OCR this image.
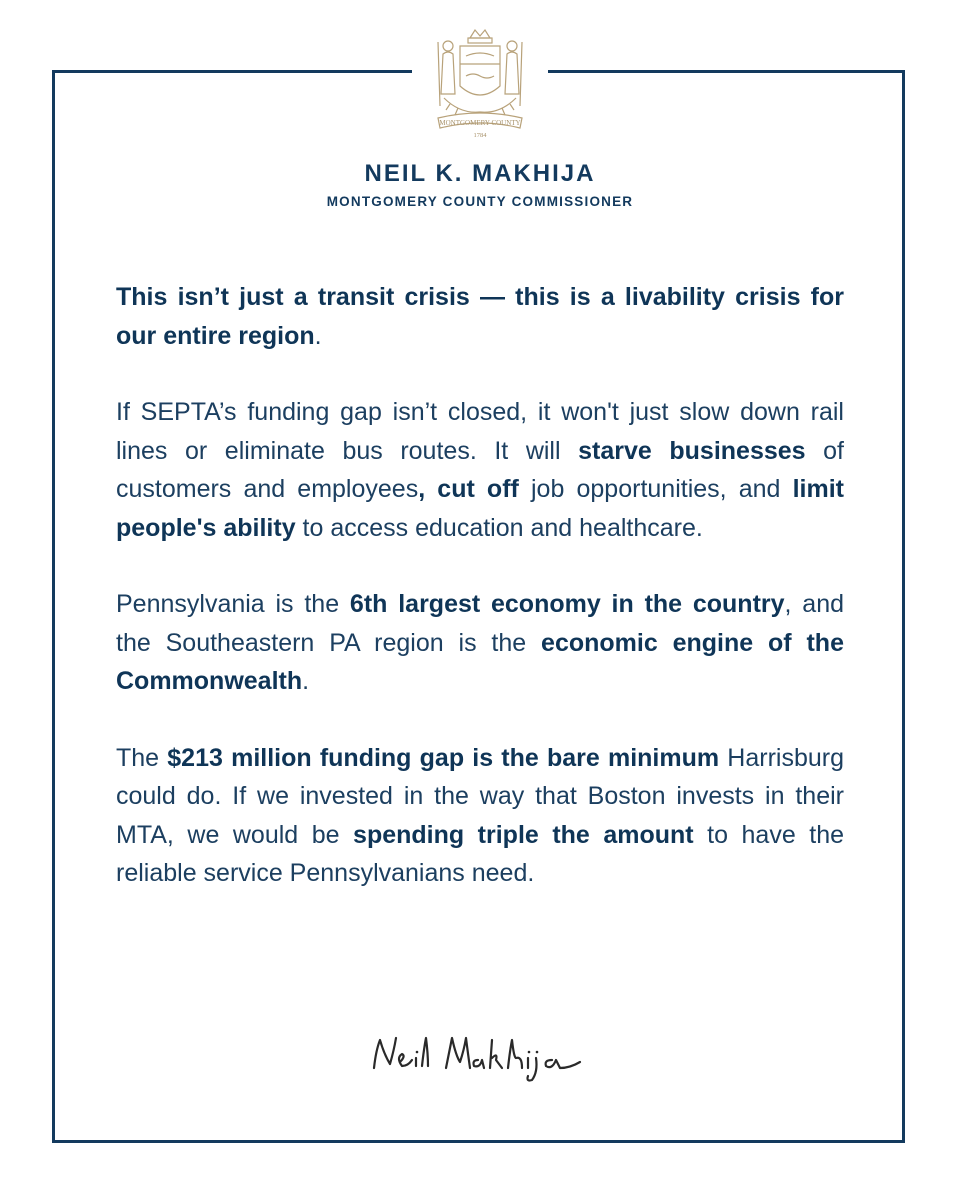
MONTGOMERY COUNTY
1784
NEIL K. MAKHIJA
MONTGOMERY COUNTY COMMISSIONER

This isn’t just a transit crisis — this is a livability crisis for our entire region.

If SEPTA’s funding gap isn’t closed, it won't just slow down rail lines or eliminate bus routes. It will starve businesses of customers and employees, cut off job opportunities, and limit people's ability to access education and healthcare.

Pennsylvania is the 6th largest economy in the country, and the Southeastern PA region is the economic engine of the Commonwealth.

The $213 million funding gap is the bare minimum Harrisburg could do. If we invested in the way that Boston invests in their MTA, we would be spending triple the amount to have the reliable service Pennsylvanians need.
